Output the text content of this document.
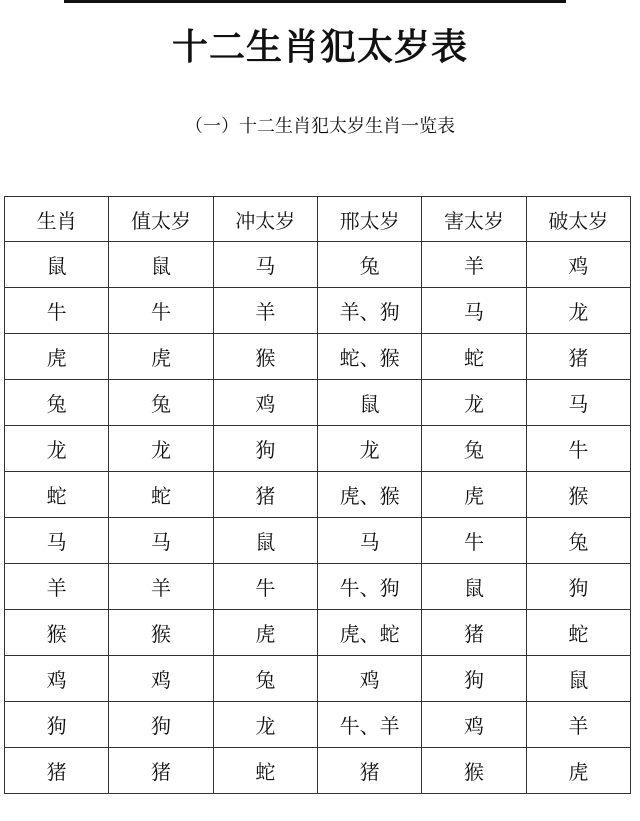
十二生肖犯太岁表
（一）十二生肖犯太岁生肖一览表
生肖	值太岁	冲太岁	邢太岁	害太岁	破太岁
鼠	鼠	马	兔	羊	鸡
牛	牛	羊	羊、狗	马	龙
虎	虎	猴	蛇、猴	蛇	猪
兔	兔	鸡	鼠	龙	马
龙	龙	狗	龙	兔	牛
蛇	蛇	猪	虎、猴	虎	猴
马	马	鼠	马	牛	兔
羊	羊	牛	牛、狗	鼠	狗
猴	猴	虎	虎、蛇	猪	蛇
鸡	鸡	兔	鸡	狗	鼠
狗	狗	龙	牛、羊	鸡	羊
猪	猪	蛇	猪	猴	虎
